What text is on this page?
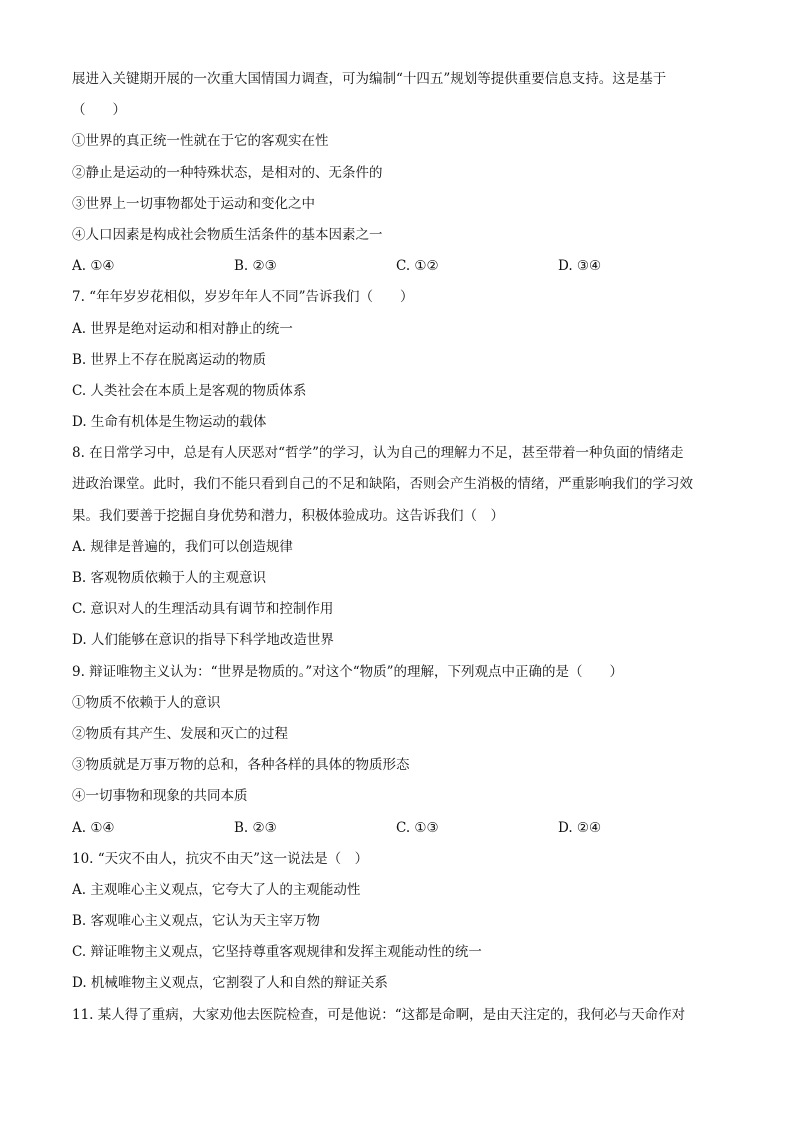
展进入关键期开展的一次重大国情国力调查，可为编制“十四五”规划等提供重要信息支持。这是基于
（　　）
①世界的真正统一性就在于它的客观实在性
②静止是运动的一种特殊状态，是相对的、无条件的
③世界上一切事物都处于运动和变化之中
④人口因素是构成社会物质生活条件的基本因素之一
A. ①④	B. ②③	C. ①②	D. ③④
7. “年年岁岁花相似，岁岁年年人不同”告诉我们（　　）
A. 世界是绝对运动和相对静止的统一
B. 世界上不存在脱离运动的物质
C. 人类社会在本质上是客观的物质体系
D. 生命有机体是生物运动的载体
8. 在日常学习中，总是有人厌恶对“哲学”的学习，认为自己的理解力不足，甚至带着一种负面的情绪走
进政治课堂。此时，我们不能只看到自己的不足和缺陷，否则会产生消极的情绪，严重影响我们的学习效
果。我们要善于挖掘自身优势和潜力，积极体验成功。这告诉我们（　）
A. 规律是普遍的，我们可以创造规律
B. 客观物质依赖于人的主观意识
C. 意识对人的生理活动具有调节和控制作用
D. 人们能够在意识的指导下科学地改造世界
9. 辩证唯物主义认为：“世界是物质的。”对这个“物质”的理解，下列观点中正确的是（　　）
①物质不依赖于人的意识
②物质有其产生、发展和灭亡的过程
③物质就是万事万物的总和，各种各样的具体的物质形态
④一切事物和现象的共同本质
A. ①④	B. ②③	C. ①③	D. ②④
10. “天灾不由人，抗灾不由天”这一说法是（　）
A. 主观唯心主义观点，它夸大了人的主观能动性
B. 客观唯心主义观点，它认为天主宰万物
C. 辩证唯物主义观点，它坚持尊重客观规律和发挥主观能动性的统一
D. 机械唯物主义观点，它割裂了人和自然的辩证关系
11. 某人得了重病，大家劝他去医院检查，可是他说：“这都是命啊，是由天注定的，我何必与天命作对
